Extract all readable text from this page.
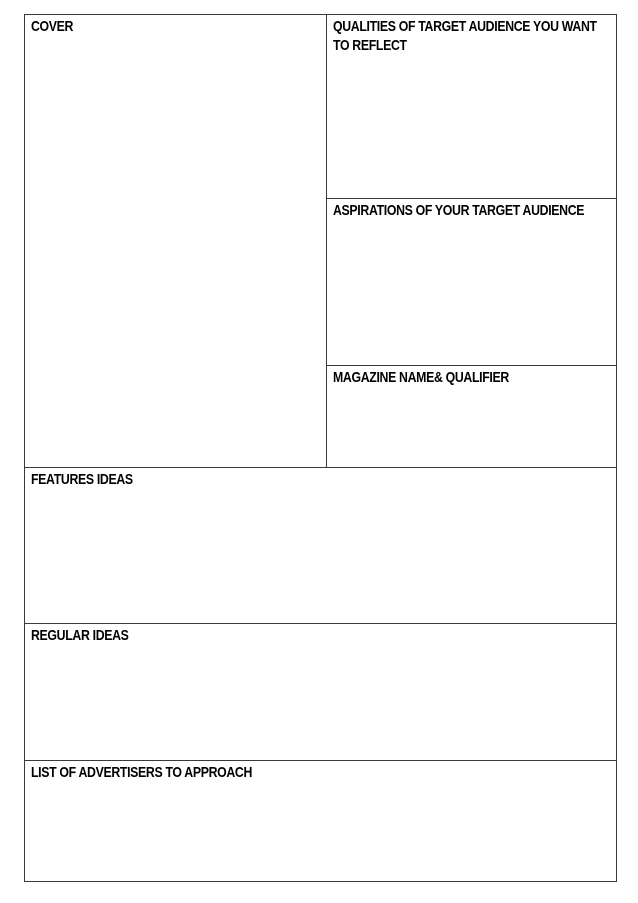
COVER	QUALITIES OF TARGET AUDIENCE YOU WANT TO REFLECT

ASPIRATIONS OF YOUR TARGET AUDIENCE

MAGAZINE NAME& QUALIFIER

FEATURES IDEAS

REGULAR IDEAS

LIST OF ADVERTISERS TO APPROACH
